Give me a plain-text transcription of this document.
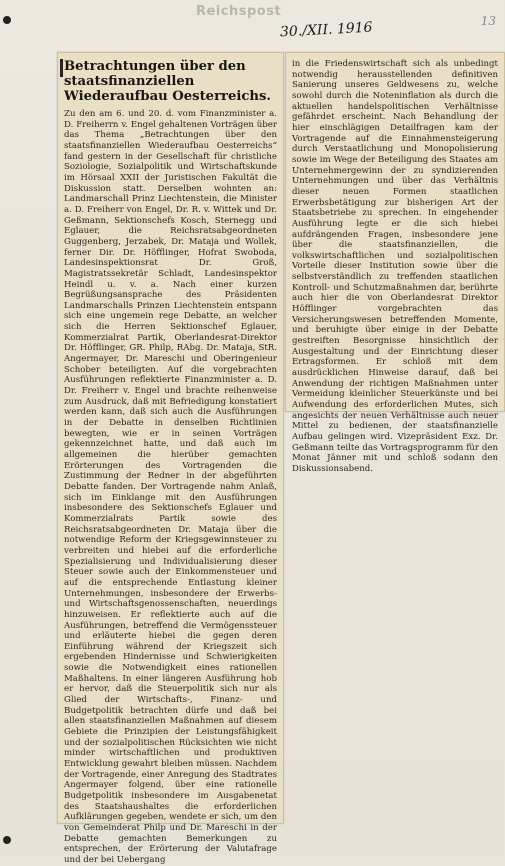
Reichspost
30./XII. 1916	13
Betrachtungen über den staatsfinanziellen Wiederaufbau Oesterreichs.

Zu den am 6. und 20. d. vom Finanzminister a. D. Freiherrn v. Engel gehaltenen Vorträgen über das Thema „Betrachtungen über den staatsfinanziellen Wiederaufbau Oesterreichs“ fand gestern in der Gesellschaft für christliche Soziologie, Sozialpolitik und Wirtschaftskunde im Hörsaal XXII der Juristischen Fakultät die Diskussion statt. Derselben wohnten an: Landmarschall Prinz Liechtenstein, die Minister a. D. Freiherr von Engel, Dr. R. v. Wittek und Dr. Geßmann, Sektionschefs Kosch, Sternegg und Eglauer, die Reichsratsabgeordneten Guggenberg, Jerzabek, Dr. Mataja und Wollek, ferner Dir. Dr. Höfflinger, Hofrat Swoboda, Landesinspektionsrat Dr. Groß, Magistratssekretär Schladt, Landesinspektor Heindl u. v. a. Nach einer kurzen Begrüßungsansprache des Präsidenten Landmarschalls Prinzen Liechtenstein entspann sich eine ungemein rege Debatte, an welcher sich die Herren Sektionschef Eglauer, Kommerzialrat Partik, Oberlandesrat-Direktor Dr. Höfflinger, GR. Philp, RAbg. Dr. Mataja, StR. Angermayer, Dr. Mareschi und Oberingenieur Schober beteiligten. Auf die vorgebrachten Ausführungen reflektierte Finanzminister a. D. Dr. Freiherr v. Engel und brachte reihenweise zum Ausdruck, daß mit Befriedigung konstatiert werden kann, daß sich auch die Ausführungen in der Debatte in denselben Richtlinien bewegten, wie er in seinen Vorträgen gekennzeichnet hatte, und daß auch im allgemeinen die hierüber gemachten Erörterungen des Vortragenden die Zustimmung der Redner in der abgeführten Debatte fanden. Der Vortragende nahm Anlaß, sich im Einklange mit den Ausführungen insbesondere des Sektionschefs Eglauer und Kommerzialrats Partik sowie des Reichsratsabgeordneten Dr. Mataja über die notwendige Reform der Kriegsgewinnsteuer zu verbreiten und hiebei auf die erforderliche Spezialisierung und Individualisierung dieser Steuer sowie auch der Einkommensteuer und auf die entsprechende Entlastung kleiner Unternehmungen, insbesondere der Erwerbs- und Wirtschaftsgenossenschaften, neuerdings hinzuweisen. Er reflektierte auch auf die Ausführungen, betreffend die Vermögenssteuer und erläuterte hiebei die gegen deren Einführung während der Kriegszeit sich ergebenden Hindernisse und Schwierigkeiten sowie die Notwendigkeit eines rationellen Maßhaltens. In einer längeren Ausführung hob er hervor, daß die Steuerpolitik sich nur als Glied der Wirtschafts-, Finanz- und Budgetpolitik betrachten dürfe und daß bei allen staatsfinanziellen Maßnahmen auf diesem Gebiete die Prinzipien der Leistungsfähigkeit und der sozialpolitischen Rücksichten wie nicht minder wirtschaftlichen und produktiven Entwicklung gewahrt bleiben müssen. Nachdem der Vortragende, einer Anregung des Stadtrates Angermayer folgend, über eine rationelle Budgetpolitik insbesondere im Ausgabenetat des Staatshaushaltes die erforderlichen Aufklärungen gegeben, wendete er sich, um den von Gemeinderat Philp und Dr. Mareschi in der Debatte gemachten Bemerkungen zu entsprechen, der Erörterung der Valutafrage und der bei Uebergang

in die Friedenswirtschaft sich als unbedingt notwendig herausstellenden definitiven Sanierung unseres Geldwesens zu, welche sowohl durch die Noteninflation als durch die aktuellen handelspolitischen Verhältnisse gefährdet erscheint. Nach Behandlung der hier einschlägigen Detailfragen kam der Vortragende auf die Einnahmensteigerung durch Verstaatlichung und Monopolisierung sowie im Wege der Beteiligung des Staates am Unternehmergewinn der zu syndizierenden Unternehmungen und über das Verhältnis dieser neuen Formen staatlichen Erwerbsbetätigung zur bisherigen Art der Staatsbetriebe zu sprechen. In eingehender Ausführung legte er die sich hiebei aufdrängenden Fragen, insbesondere jene über die staatsfinanziellen, die volkswirtschaftlichen und sozialpolitischen Vorteile dieser Institution sowie über die selbstverständlich zu treffenden staatlichen Kontroll- und Schutzmaßnahmen dar, berührte auch hier die von Oberlandesrat Direktor Höfflinger vorgebrachten das Versicherungswesen betreffenden Momente, und beruhigte über einige in der Debatte gestreiften Besorgnisse hinsichtlich der Ausgestaltung und der Einrichtung dieser Ertragsformen. Er schloß mit dem ausdrücklichen Hinweise darauf, daß bei Anwendung der richtigen Maßnahmen unter Vermeidung kleinlicher Steuerkünste und bei Aufwendung des erforderlichen Mutes, sich angesichts der neuen Verhältnisse auch neuer Mittel zu bedienen, der staatsfinanzielle Aufbau gelingen wird. Vizepräsident Exz. Dr. Geßmann teilte das Vortragsprogramm für den Monat Jänner mit und schloß sodann den Diskussionsabend.
